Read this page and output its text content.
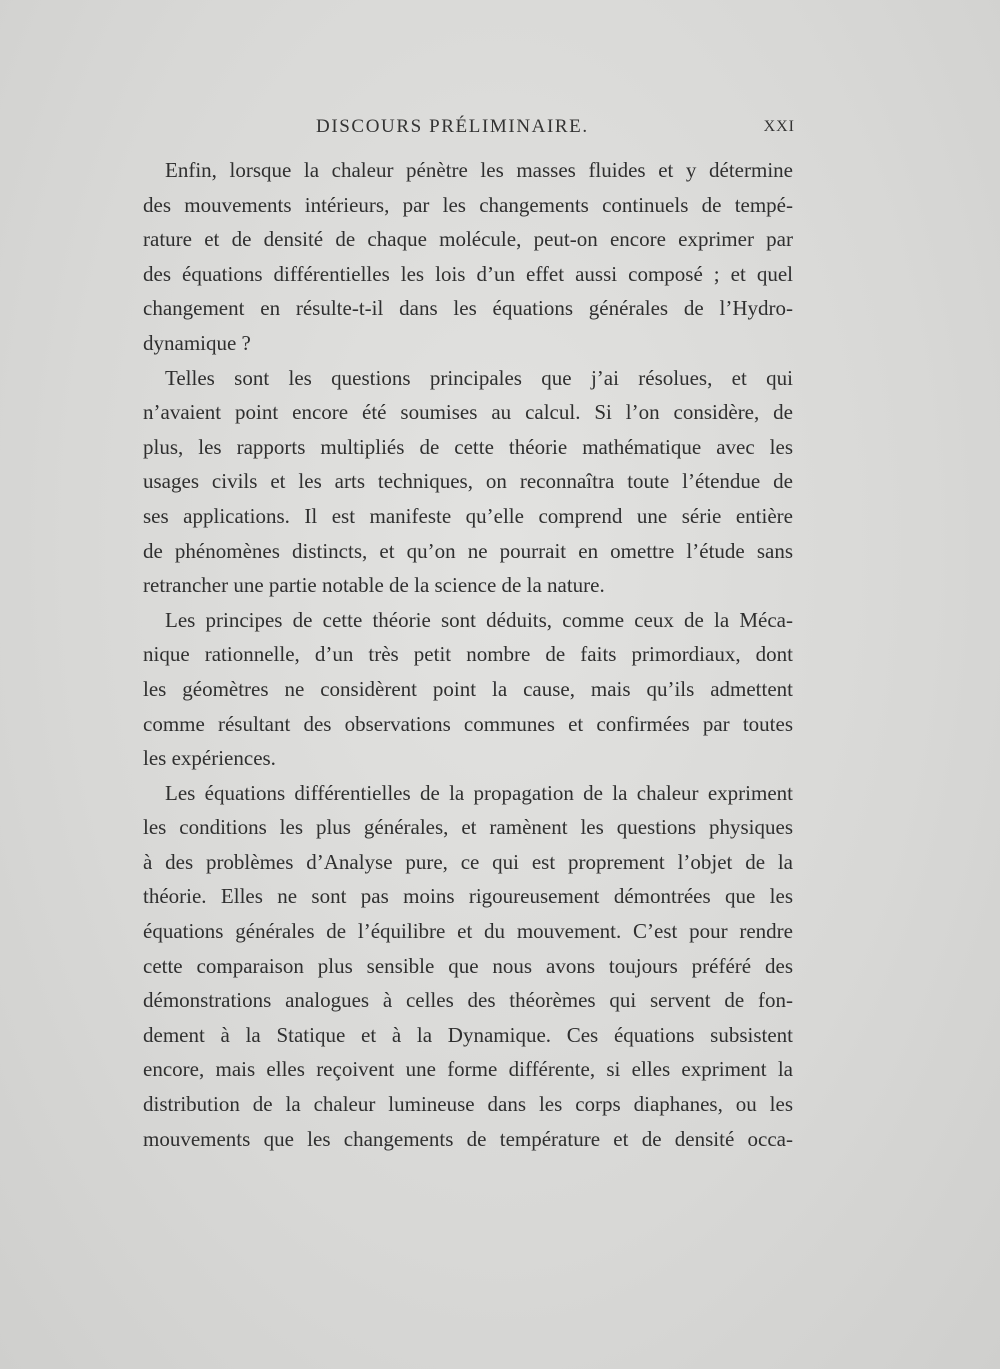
DISCOURS PRÉLIMINAIRE.	XXI
Enfin, lorsque la chaleur pénètre les masses fluides et y détermine
des mouvements intérieurs, par les changements continuels de tempé-
rature et de densité de chaque molécule, peut-on encore exprimer par
des équations différentielles les lois d’un effet aussi composé ; et quel
changement en résulte-t-il dans les équations générales de l’Hydro-
dynamique ?
Telles sont les questions principales que j’ai résolues, et qui
n’avaient point encore été soumises au calcul. Si l’on considère, de
plus, les rapports multipliés de cette théorie mathématique avec les
usages civils et les arts techniques, on reconnaîtra toute l’étendue de
ses applications. Il est manifeste qu’elle comprend une série entière
de phénomènes distincts, et qu’on ne pourrait en omettre l’étude sans
retrancher une partie notable de la science de la nature.
Les principes de cette théorie sont déduits, comme ceux de la Méca-
nique rationnelle, d’un très petit nombre de faits primordiaux, dont
les géomètres ne considèrent point la cause, mais qu’ils admettent
comme résultant des observations communes et confirmées par toutes
les expériences.
Les équations différentielles de la propagation de la chaleur expriment
les conditions les plus générales, et ramènent les questions physiques
à des problèmes d’Analyse pure, ce qui est proprement l’objet de la
théorie. Elles ne sont pas moins rigoureusement démontrées que les
équations générales de l’équilibre et du mouvement. C’est pour rendre
cette comparaison plus sensible que nous avons toujours préféré des
démonstrations analogues à celles des théorèmes qui servent de fon-
dement à la Statique et à la Dynamique. Ces équations subsistent
encore, mais elles reçoivent une forme différente, si elles expriment la
distribution de la chaleur lumineuse dans les corps diaphanes, ou les
mouvements que les changements de température et de densité occa-
